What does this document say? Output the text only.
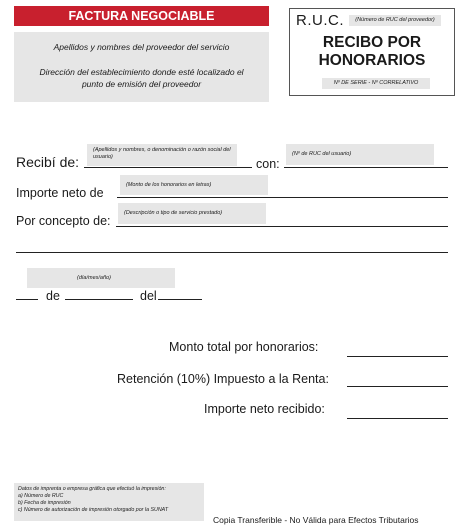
FACTURA NEGOCIABLE
Apellidos y nombres del proveedor del servicio
Dirección del establecimiento donde esté localizado el punto de emisión del proveedor
R.U.C.	(Número de RUC del proveedor)
RECIBO POR
HONORARIOS
Nº DE SERIE - Nº CORRELATIVO
(Apellidos y nombres, o denominación o razón social del usuario)
Recibí de:	con:
(Nº de RUC del usuario)
(Monto de los honorarios en letras)
Importe neto de
(Descripción o tipo de servicio prestado)
Por concepto de:
(día/mes/año)
de	del
Monto total por honorarios:
Retención (10%) Impuesto a la Renta:
Importe neto recibido:
Datos de imprenta o empresa gráfica que efectuó la impresión:
a) Número de RUC
b) Fecha de impresión
c) Número de autorización de impresión otorgado por la SUNAT
Copia Transferible - No Válida para Efectos Tributarios
